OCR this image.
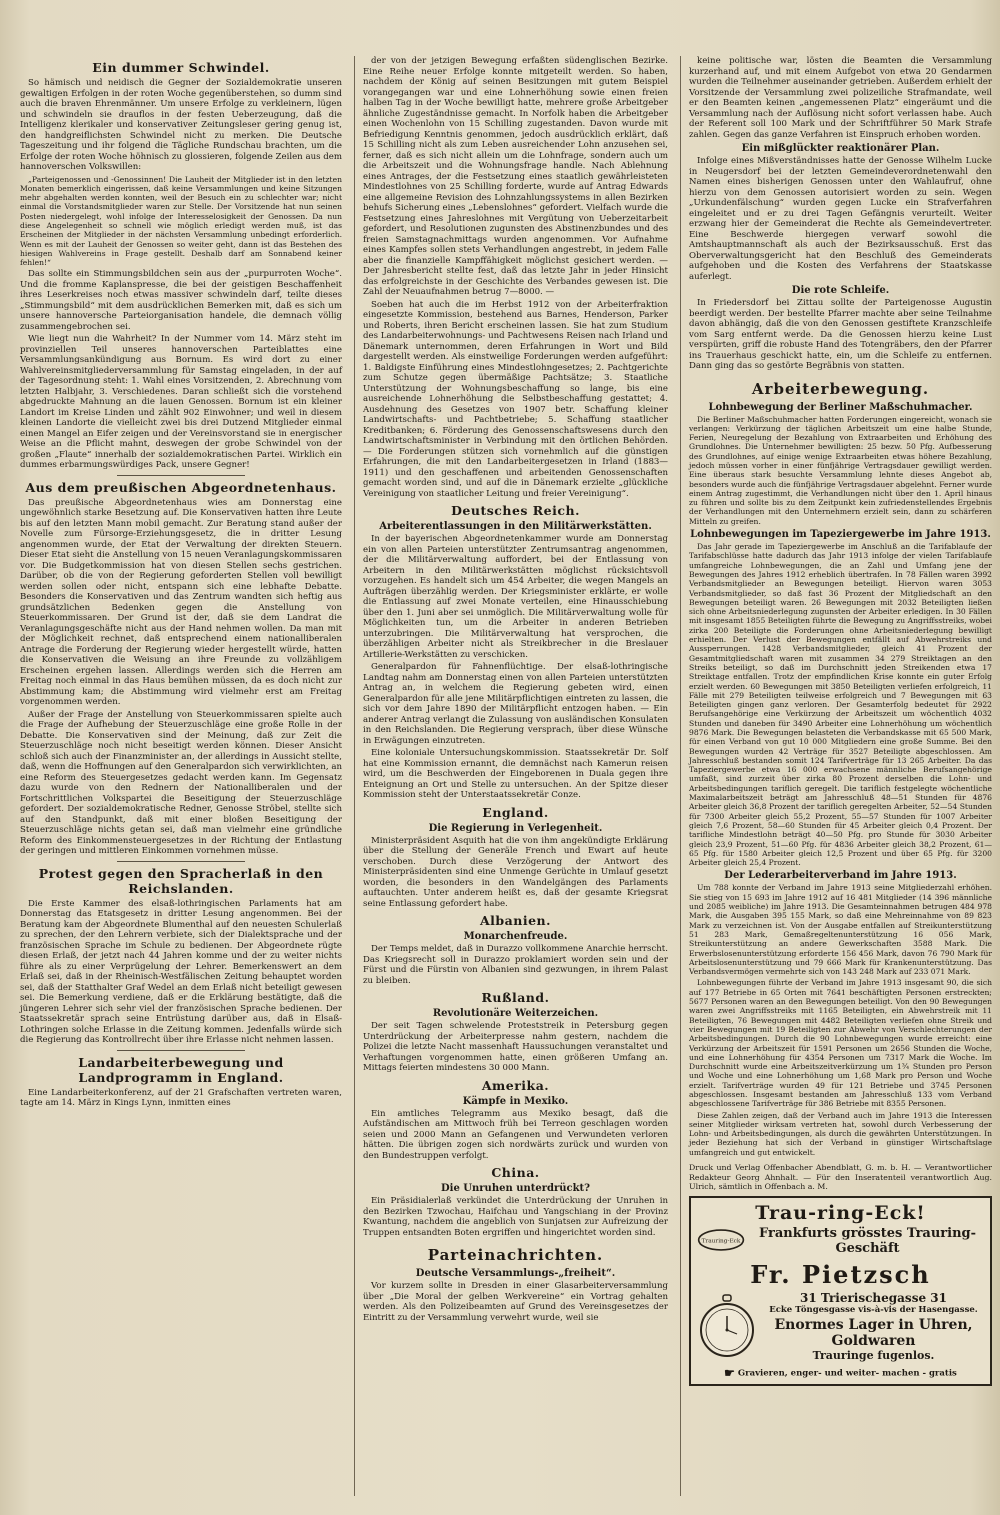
Ein dummer Schwindel.

So hämisch und neidisch die Gegner der Sozialdemokratie unseren gewaltigen Erfolgen in der roten Woche gegenüberstehen, so dumm sind auch die braven Ehrenmänner. Um unsere Erfolge zu verkleinern, lügen und schwindeln sie drauflos in der festen Ueberzeugung, daß die Intelligenz klerikaler und konservativer Zeitungsleser gering genug ist, den handgreiflichsten Schwindel nicht zu merken. Die Deutsche Tageszeitung und ihr folgend die Tägliche Rundschau brachten, um die Erfolge der roten Woche höhnisch zu glossieren, folgende Zeilen aus dem hannoverschen Volkswillen:

„Parteigenossen und -Genossinnen! Die Lauheit der Mitglieder ist in den letzten Monaten bemerklich eingerissen, daß keine Versammlungen und keine Sitzungen mehr abgehalten werden konnten, weil der Besuch ein zu schlechter war; nicht einmal die Vorstandsmitglieder waren zur Stelle. Der Vorsitzende hat nun seinen Posten niedergelegt, wohl infolge der Interesselosigkeit der Genossen. Da nun diese Angelegenheit so schnell wie möglich erledigt werden muß, ist das Erscheinen der Mitglieder in der nächsten Versammlung unbedingt erforderlich. Wenn es mit der Lauheit der Genossen so weiter geht, dann ist das Bestehen des hiesigen Wahlvereins in Frage gestellt. Deshalb darf am Sonnabend keiner fehlen!“

Das sollte ein Stimmungsbildchen sein aus der „purpurroten Woche“. Und die fromme Kaplanspresse, die bei der geistigen Beschaffenheit ihres Leserkreises noch etwas massiver schwindeln darf, teilte dieses „Stimmungsbild“ mit dem ausdrücklichen Bemerken mit, daß es sich um unsere hannoversche Parteiorganisation handele, die demnach völlig zusammengebrochen sei.

Wie liegt nun die Wahrheit? In der Nummer vom 14. März steht im provinziellen Teil unseres hannoverschen Parteiblattes eine Versammlungsankündigung aus Bornum. Es wird dort zu einer Wahlvereinsmitgliederversammlung für Samstag eingeladen, in der auf der Tagesordnung steht: 1. Wahl eines Vorsitzenden, 2. Abrechnung vom letzten Halbjahr, 3. Verschiedenes. Daran schließt sich die vorstehend abgedruckte Mahnung an die lauen Genossen. Bornum ist ein kleiner Landort im Kreise Linden und zählt 902 Einwohner; und weil in diesem kleinen Landorte die vielleicht zwei bis drei Dutzend Mitglieder einmal einen Mangel an Eifer zeigen und der Vereinsvorstand sie in energischer Weise an die Pflicht mahnt, deswegen der grobe Schwindel von der großen „Flaute“ innerhalb der sozialdemokratischen Partei. Wirklich ein dummes erbarmungswürdiges Pack, unsere Gegner!

Aus dem preußischen Abgeordnetenhaus.

Das preußische Abgeordnetenhaus wies am Donnerstag eine ungewöhnlich starke Besetzung auf. Die Konservativen hatten ihre Leute bis auf den letzten Mann mobil gemacht. Zur Beratung stand außer der Novelle zum Fürsorge-Erziehungsgesetz, die in dritter Lesung angenommen wurde, der Etat der Verwaltung der direkten Steuern. Dieser Etat sieht die Anstellung von 15 neuen Veranlagungskommissaren vor. Die Budgetkommission hat von diesen Stellen sechs gestrichen. Darüber, ob die von der Regierung geforderten Stellen voll bewilligt werden sollen oder nicht, entspann sich eine lebhafte Debatte. Besonders die Konservativen und das Zentrum wandten sich heftig aus grundsätzlichen Bedenken gegen die Anstellung von Steuerkommissaren. Der Grund ist der, daß sie dem Landrat die Veranlagungsgeschäfte nicht aus der Hand nehmen wollen. Da man mit der Möglichkeit rechnet, daß entsprechend einem nationalliberalen Antrage die Forderung der Regierung wieder hergestellt würde, hatten die Konservativen die Weisung an ihre Freunde zu vollzähligem Erscheinen ergehen lassen. Allerdings werden sich die Herren am Freitag noch einmal in das Haus bemühen müssen, da es doch nicht zur Abstimmung kam; die Abstimmung wird vielmehr erst am Freitag vorgenommen werden.

Außer der Frage der Anstellung von Steuerkommissaren spielte auch die Frage der Aufhebung der Steuerzuschläge eine große Rolle in der Debatte. Die Konservativen sind der Meinung, daß zur Zeit die Steuerzuschläge noch nicht beseitigt werden können. Dieser Ansicht schloß sich auch der Finanzminister an, der allerdings in Aussicht stellte, daß, wenn die Hoffnungen auf den Generalpardon sich verwirklichten, an eine Reform des Steuergesetzes gedacht werden kann. Im Gegensatz dazu wurde von den Rednern der Nationalliberalen und der Fortschrittlichen Volkspartei die Beseitigung der Steuerzuschläge gefordert. Der sozialdemokratische Redner, Genosse Ströbel, stellte sich auf den Standpunkt, daß mit einer bloßen Beseitigung der Steuerzuschläge nichts getan sei, daß man vielmehr eine gründliche Reform des Einkommensteuergesetzes in der Richtung der Entlastung der geringen und mittleren Einkommen vornehmen müsse.

Protest gegen den Spracherlaß in den Reichslanden.

Die Erste Kammer des elsaß-lothringischen Parlaments hat am Donnerstag das Etatsgesetz in dritter Lesung angenommen. Bei der Beratung kam der Abgeordnete Blumenthal auf den neuesten Schulerlaß zu sprechen, der den Lehrern verbiete, sich der Dialektsprache und der französischen Sprache im Schule zu bedienen. Der Abgeordnete rügte diesen Erlaß, der jetzt nach 44 Jahren komme und der zu weiter nichts führe als zu einer Verprügelung der Lehrer. Bemerkenswert an dem Erlaß sei, daß in der Rheinisch-Westfälischen Zeitung behauptet worden sei, daß der Statthalter Graf Wedel an dem Erlaß nicht beteiligt gewesen sei. Die Bemerkung verdiene, daß er die Erklärung bestätigte, daß die jüngeren Lehrer sich sehr viel der französischen Sprache bedienen. Der Staatssekretär sprach seine Entrüstung darüber aus, daß in Elsaß-Lothringen solche Erlasse in die Zeitung kommen. Jedenfalls würde sich die Regierung das Kontrollrecht über ihre Erlasse nicht nehmen lassen.

Landarbeiterbewegung und Landprogramm in England.

Eine Landarbeiterkonferenz, auf der 21 Grafschaften vertreten waren, tagte am 14. März in Kings Lynn, inmitten eines

der von der jetzigen Bewegung erfaßten südenglischen Bezirke. Eine Reihe neuer Erfolge konnte mitgeteilt werden. So haben, nachdem der König auf seinen Besitzungen mit gutem Beispiel vorangegangen war und eine Lohnerhöhung sowie einen freien halben Tag in der Woche bewilligt hatte, mehrere große Arbeitgeber ähnliche Zugeständnisse gemacht. In Norfolk haben die Arbeitgeber einen Wochenlohn von 15 Schilling zugestanden. Davon wurde mit Befriedigung Kenntnis genommen, jedoch ausdrücklich erklärt, daß 15 Schilling nicht als zum Leben ausreichender Lohn anzusehen sei, ferner, daß es sich nicht allein um die Lohnfrage, sondern auch um die Arbeitszeit und die Wohnungsfrage handle. Nach Ablehnung eines Antrages, der die Festsetzung eines staatlich gewährleisteten Mindestlohnes von 25 Schilling forderte, wurde auf Antrag Edwards eine allgemeine Revision des Lohnzahlungssystems in allen Bezirken behufs Sicherung eines „Lebenslohnes“ gefordert. Vielfach wurde die Festsetzung eines Jahreslohnes mit Vergütung von Ueberzeitarbeit gefordert, und Resolutionen zugunsten des Abstinenzbundes und des freien Samstagnachmittags wurden angenommen. Vor Aufnahme eines Kampfes sollen stets Verhandlungen angestrebt, in jedem Falle aber die finanzielle Kampffähigkeit möglichst gesichert werden. — Der Jahresbericht stellte fest, daß das letzte Jahr in jeder Hinsicht das erfolgreichste in der Geschichte des Verbandes gewesen ist. Die Zahl der Neuaufnahmen betrug 7—8000. —

Soeben hat auch die im Herbst 1912 von der Arbeiterfraktion eingesetzte Kommission, bestehend aus Barnes, Henderson, Parker und Roberts, ihren Bericht erscheinen lassen. Sie hat zum Studium des Landarbeiterwohnungs- und Pachtwesens Reisen nach Irland und Dänemark unternommen, deren Erfahrungen in Wort und Bild dargestellt werden. Als einstweilige Forderungen werden aufgeführt: 1. Baldigste Einführung eines Mindestlohngesetzes; 2. Pachtgerichte zum Schutze gegen übermäßige Pachtsätze; 3. Staatliche Unterstützung der Wohnungsbeschaffung so lange, bis eine ausreichende Lohnerhöhung die Selbstbeschaffung gestattet; 4. Ausdehnung des Gesetzes von 1907 betr. Schaffung kleiner Landwirtschafts- und Pachtbetriebe; 5. Schaffung staatlicher Kreditbanken; 6. Förderung des Genossenschaftswesens durch den Landwirtschaftsminister in Verbindung mit den örtlichen Behörden. — Die Forderungen stützen sich vornehmlich auf die günstigen Erfahrungen, die mit den Landarbeitergesetzen in Irland (1883—1911) und den geschaffenen und arbeitenden Genossenschaften gemacht worden sind, und auf die in Dänemark erzielte „glückliche Vereinigung von staatlicher Leitung und freier Vereinigung“.

Deutsches Reich.
Arbeiterentlassungen in den Militärwerkstätten.

In der bayerischen Abgeordnetenkammer wurde am Donnerstag ein von allen Parteien unterstützter Zentrumsantrag angenommen, der die Militärverwaltung auffordert, bei der Entlassung von Arbeitern in den Militärwerkstätten möglichst rücksichtsvoll vorzugehen. Es handelt sich um 454 Arbeiter, die wegen Mangels an Aufträgen überzählig werden. Der Kriegsminister erklärte, er wolle die Entlassung auf zwei Monate verteilen, eine Hinausschiebung über den 1. Juni aber sei unmöglich. Die Militärverwaltung wolle für Möglichkeiten tun, um die Arbeiter in anderen Betrieben unterzubringen. Die Militärverwaltung hat versprochen, die überzähligen Arbeiter nicht als Streikbrecher in die Breslauer Artillerie-Werkstätten zu verschicken.

Generalpardon für Fahnenflüchtige. Der elsaß-lothringische Landtag nahm am Donnerstag einen von allen Parteien unterstützten Antrag an, in welchem die Regierung gebeten wird, einen Generalpardon für alle jene Militärpflichtigen eintreten zu lassen, die sich vor dem Jahre 1890 der Militärpflicht entzogen haben. — Ein anderer Antrag verlangt die Zulassung von ausländischen Konsulaten in den Reichslanden. Die Regierung versprach, über diese Wünsche in Erwägungen einzutreten.

Eine koloniale Untersuchungskommission. Staatssekretär Dr. Solf hat eine Kommission ernannt, die demnächst nach Kamerun reisen wird, um die Beschwerden der Eingeborenen in Duala gegen ihre Enteignung an Ort und Stelle zu untersuchen. An der Spitze dieser Kommission steht der Unterstaatssekretär Conze.

England.
Die Regierung in Verlegenheit.

Ministerpräsident Asquith hat die von ihm angekündigte Erklärung über die Stellung der Generäle French und Ewart auf heute verschoben. Durch diese Verzögerung der Antwort des Ministerpräsidenten sind eine Unmenge Gerüchte in Umlauf gesetzt worden, die besonders in den Wandelgängen des Parlaments auftauchten. Unter anderem heißt es, daß der gesamte Kriegsrat seine Entlassung gefordert habe.

Albanien.
Monarchenfreude.

Der Temps meldet, daß in Durazzo vollkommene Anarchie herrscht. Das Kriegsrecht soll in Durazzo proklamiert worden sein und der Fürst und die Fürstin von Albanien sind gezwungen, in ihrem Palast zu bleiben.

Rußland.
Revolutionäre Weiterzeichen.

Der seit Tagen schwelende Proteststreik in Petersburg gegen Unterdrückung der Arbeiterpresse nahm gestern, nachdem die Polizei die letzte Nacht massenhaft Haussuchungen veranstaltet und Verhaftungen vorgenommen hatte, einen größeren Umfang an. Mittags feierten mindestens 30 000 Mann.

Amerika.
Kämpfe in Mexiko.

Ein amtliches Telegramm aus Mexiko besagt, daß die Aufständischen am Mittwoch früh bei Terreon geschlagen worden seien und 2000 Mann an Gefangenen und Verwundeten verloren hätten. Die übrigen zogen sich nordwärts zurück und wurden von den Bundestruppen verfolgt.

China.
Die Unruhen unterdrückt?

Ein Präsidialerlaß verkündet die Unterdrückung der Unruhen in den Bezirken Tzwochau, Haifchau und Yangschiang in der Provinz Kwantung, nachdem die angeblich von Sunjatsen zur Aufreizung der Truppen entsandten Boten ergriffen und hingerichtet worden sind.

Parteinachrichten.
Deutsche Versammlungs-„freiheit“.

Vor kurzem sollte in Dresden in einer Glasarbeiterversammlung über „Die Moral der gelben Werkvereine“ ein Vortrag gehalten werden. Als den Polizeibeamten auf Grund des Vereinsgesetzes der Eintritt zu der Versammlung verwehrt wurde, weil sie

keine politische war, lösten die Beamten die Versammlung kurzerhand auf, und mit einem Aufgebot von etwa 20 Gendarmen wurden die Teilnehmer auseinander getrieben. Außerdem erhielt der Vorsitzende der Versammlung zwei polizeiliche Strafmandate, weil er den Beamten keinen „angemessenen Platz“ eingeräumt und die Versammlung nach der Auflösung nicht sofort verlassen habe. Auch der Referent soll 100 Mark und der Schriftführer 50 Mark Strafe zahlen. Gegen das ganze Verfahren ist Einspruch erhoben worden.

Ein mißglückter reaktionärer Plan.

Infolge eines Mißverständnisses hatte der Genosse Wilhelm Lucke in Neugersdorf bei der letzten Gemeindeverordnetenwahl den Namen eines bisherigen Genossen unter den Wahlaufruf, ohne hierzu von dem Genossen autorisiert worden zu sein. Wegen „Urkundenfälschung“ wurden gegen Lucke ein Strafverfahren eingeleitet und er zu drei Tagen Gefängnis verurteilt. Weiter erzwang hier der Gemeinderat die Rechte als Gemeindevertreter. Eine Beschwerde hiergegen verwarf sowohl die Amtshauptmannschaft als auch der Bezirksausschuß. Erst das Oberverwaltungsgericht hat den Beschluß des Gemeinderats aufgehoben und die Kosten des Verfahrens der Staatskasse auferlegt.

Die rote Schleife.

In Friedersdorf bei Zittau sollte der Parteigenosse Augustin beerdigt werden. Der bestellte Pfarrer machte aber seine Teilnahme davon abhängig, daß die von den Genossen gestiftete Kranzschleife vom Sarg entfernt werde. Da die Genossen hierzu keine Lust verspürten, griff die robuste Hand des Totengräbers, den der Pfarrer ins Trauerhaus geschickt hatte, ein, um die Schleife zu entfernen. Dann ging das so gestörte Begräbnis von statten.

Arbeiterbewegung.
Lohnbewegung der Berliner Maßschuhmacher.

Die Berliner Maßschuhmacher hatten Forderungen eingereicht, wonach sie verlangen: Verkürzung der täglichen Arbeitszeit um eine halbe Stunde, Ferien, Neuregelung der Bezahlung von Extraarbeiten und Erhöhung des Grundlohnes. Die Unternehmer bewilligten: 25 bezw. 50 Pfg. Aufbesserung des Grundlohnes, auf einige wenige Extraarbeiten etwas höhere Bezahlung, jedoch müssen vorher in einer fünfjährige Vertragsdauer gewilligt werden. Eine überaus stark besuchte Versammlung lehnte dieses Angebot ab, besonders wurde auch die fünfjährige Vertragsdauer abgelehnt. Ferner wurde einem Antrag zugestimmt, die Verhandlungen nicht über den 1. April hinaus zu führen und sollte bis zu dem Zeitpunkt kein zufriedenstellendes Ergebnis der Verhandlungen mit den Unternehmern erzielt sein, dann zu schärferen Mitteln zu greifen.

Lohnbewegungen im Tapeziergewerbe im Jahre 1913.

Das Jahr gerade im Tapeziergewerbe im Anschluß an die Tarifablaufe der Tarifabschlüsse hatte dadurch das Jahr 1913 infolge der vielen Tarifablaufe umfangreiche Lohnbewegungen, die an Zahl und Umfang jene der Bewegungen des Jahres 1912 erheblich übertrafen. In 78 Fällen waren 3992 Verbandsmitglieder an Bewegungen beteiligt. Hiervon waren 3053 Verbandsmitglieder, so daß fast 36 Prozent der Mitgliedschaft an den Bewegungen beteiligt waren. 26 Bewegungen mit 2032 Beteiligten ließen sich ohne Arbeitsniederlegung zugunsten der Arbeiter erledigen. In 30 Fällen mit insgesamt 1855 Beteiligten führte die Bewegung zu Angriffsstreiks, wobei zirka 200 Beteiligte die Forderungen ohne Arbeitsniederlegung bewilligt erhielten. Der Verlust der Bewegungen entfällt auf Abwehrstreiks und Aussperrungen. 1428 Verbandsmitglieder, gleich 41 Prozent der Gesamtmitgliedschaft waren mit zusammen 34 279 Streiktagen an den Streiks beteiligt, so daß im Durchschnitt jeden Streikenden etwa 17 Streiktage entfallen. Trotz der empfindlichen Krise konnte ein guter Erfolg erzielt werden. 60 Bewegungen mit 3850 Beteiligten verliefen erfolgreich, 11 Fälle mit 279 Beteiligten teilweise erfolgreich und 7 Bewegungen mit 63 Beteiligten gingen ganz verloren. Der Gesamterfolg bedeutet für 2922 Berufsangehörige eine Verkürzung der Arbeitszeit um wöchentlich 4032 Stunden und daneben für 3490 Arbeiter eine Lohnerhöhung um wöchentlich 9876 Mark. Die Bewegungen belasteten die Verbandskasse mit 65 500 Mark, für einen Verband von gut 10 000 Mitgliedern eine große Summe. Bei den Bewegungen wurden 42 Verträge für 3527 Beteiligte abgeschlossen. Am Jahresschluß bestanden somit 124 Tarifverträge für 13 265 Arbeiter. Da das Tapeziergewerbe etwa 16 000 erwachsene männliche Berufsangehörige umfaßt, sind zurzeit über zirka 80 Prozent derselben die Lohn- und Arbeitsbedingungen tariflich geregelt. Die tariflich festgelegte wöchentliche Maximalarbeitszeit beträgt am Jahresschluß 48—51 Stunden für 4876 Arbeiter gleich 36,8 Prozent der tariflich geregelten Arbeiter, 52—54 Stunden für 7300 Arbeiter gleich 55,2 Prozent, 55—57 Stunden für 1007 Arbeiter gleich 7,6 Prozent, 58—60 Stunden für 45 Arbeiter gleich 0,4 Prozent. Der tarifliche Mindestlohn beträgt 40—50 Pfg. pro Stunde für 3030 Arbeiter gleich 23,9 Prozent, 51—60 Pfg. für 4836 Arbeiter gleich 38,2 Prozent, 61—65 Pfg. für 1580 Arbeiter gleich 12,5 Prozent und über 65 Pfg. für 3200 Arbeiter gleich 25,4 Prozent.

Der Lederarbeiterverband im Jahre 1913.

Um 788 konnte der Verband im Jahre 1913 seine Mitgliederzahl erhöhen. Sie stieg von 15 693 im Jahre 1912 auf 16 481 Mitglieder (14 396 männliche und 2085 weibliche) im Jahre 1913. Die Gesamteinnahmen betrugen 484 978 Mark, die Ausgaben 395 155 Mark, so daß eine Mehreinnahme von 89 823 Mark zu verzeichnen ist. Von der Ausgabe entfallen auf Streikunterstützung 51 283 Mark, Gemaßregeltenunterstützung 16 056 Mark, Streikunterstützung an andere Gewerkschaften 3588 Mark. Die Erwerbslosenunterstützung erforderte 156 456 Mark, davon 76 790 Mark für Arbeitslosenunterstützung und 79 666 Mark für Krankenunterstützung. Das Verbandsvermögen vermehrte sich von 143 248 Mark auf 233 071 Mark.

Lohnbewegungen führte der Verband im Jahre 1913 insgesamt 90, die sich auf 177 Betriebe in 65 Orten mit 7641 beschäftigten Personen erstreckten; 5677 Personen waren an den Bewegungen beteiligt. Von den 90 Bewegungen waren zwei Angriffsstreiks mit 1165 Beteiligten, ein Abwehrstreik mit 11 Beteiligten, 76 Bewegungen mit 4482 Beteiligten verliefen ohne Streik und vier Bewegungen mit 19 Beteiligten zur Abwehr von Verschlechterungen der Arbeitsbedingungen. Durch die 90 Lohnbewegungen wurde erreicht: eine Verkürzung der Arbeitszeit für 1591 Personen um 2656 Stunden die Woche, und eine Lohnerhöhung für 4354 Personen um 7317 Mark die Woche. Im Durchschnitt wurde eine Arbeitszeitverkürzung um 1¾ Stunden pro Person und Woche und eine Lohnerhöhung um 1,68 Mark pro Person und Woche erzielt. Tarifverträge wurden 49 für 121 Betriebe und 3745 Personen abgeschlossen. Insgesamt bestanden am Jahresschluß 133 vom Verband abgeschlossene Tarifverträge für 386 Betriebe mit 8355 Personen.

Diese Zahlen zeigen, daß der Verband auch im Jahre 1913 die Interessen seiner Mitglieder wirksam vertreten hat, sowohl durch Verbesserung der Lohn- und Arbeitsbedingungen, als durch die gewährten Unterstützungen. In jeder Beziehung hat sich der Verband in günstiger Wirtschaftslage umfangreich und gut entwickelt.

Druck und Verlag Offenbacher Abendblatt, G. m. b. H. — Verantwortlicher Redakteur Georg Ahnhalt. — Für den Inseratenteil verantwortlich Aug. Ulrich, sämtlich in Offenbach a. M.
Trau-ring-Eck!
Trauring-Eck
Frankfurts grösstes Trauring-Geschäft
Fr. Pietzsch
31 Trierischegasse 31
Ecke Töngesgasse vis-à-vis der Hasengasse.
Enormes Lager in Uhren, Goldwaren
Trauringe fugenlos.
☛ Gravieren, enger- und weiter- machen - gratis
